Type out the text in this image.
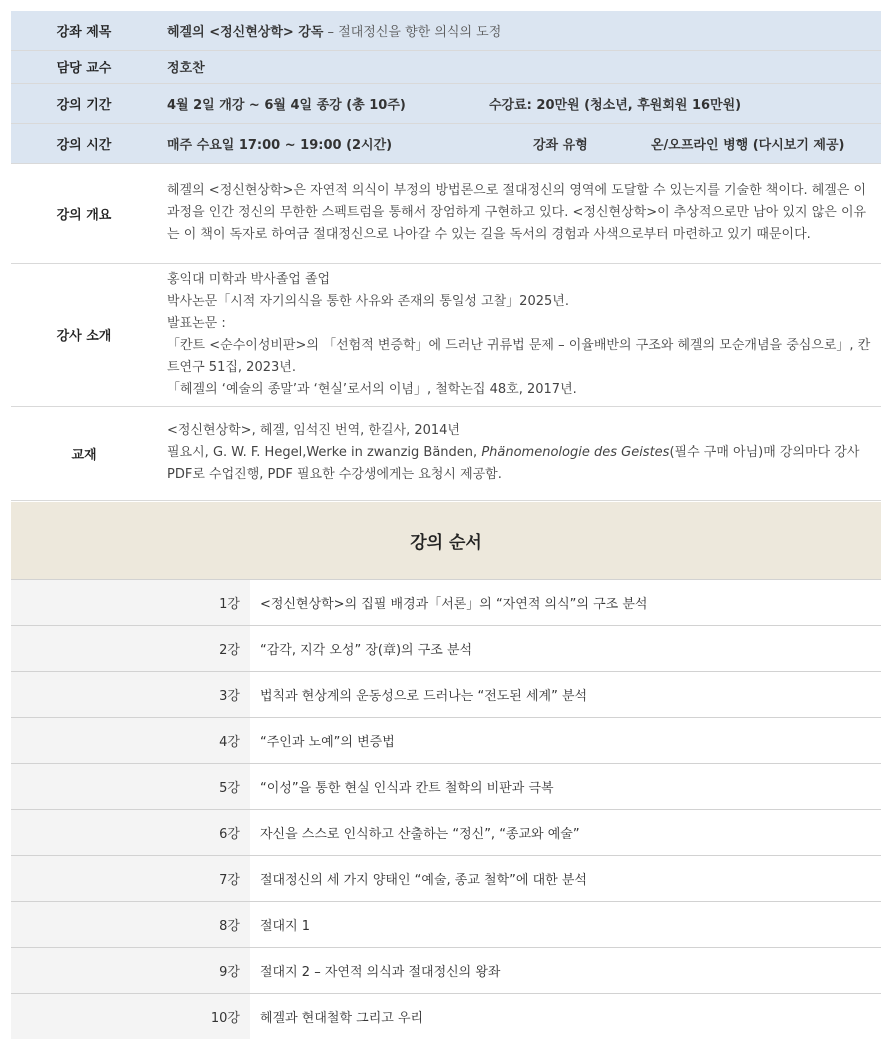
강좌 제목	헤겔의 <정신현상학> 강독 – 절대정신을 향한 의식의 도정
담당 교수	정호찬
강의 기간	4월 2일 개강 ~ 6월 4일 종강 (총 10주) 수강료: 20만원 (청소년, 후원회원 16만원)

강의 시간	매주 수요일 17:00 ~ 19:00 (2시간) 강좌 유형 온/오프라인 병행 (다시보기 제공)

강의 개요	헤겔의 <정신현상학>은 자연적 의식이 부정의 방법론으로 절대정신의 영역에 도달할 수 있는지를 기술한 책이다. 헤겔은 이 과정을 인간 정신의 무한한 스펙트럼을 통해서 장엄하게 구현하고 있다. <정신현상학>이 추상적으로만 남아 있지 않은 이유는 이 책이 독자로 하여금 절대정신으로 나아갈 수 있는 길을 독서의 경험과 사색으로부터 마련하고 있기 때문이다.
강사 소개	홍익대 미학과 박사졸업 졸업
박사논문「시적 자기의식을 통한 사유와 존재의 통일성 고찰」2025년.
발표논문 :
「칸트 <순수이성비판>의 「선험적 변증학」에 드러난 귀류법 문제 – 이율배반의 구조와 헤겔의 모순개념을 중심으로」, 칸트연구 51집, 2023년.
「헤겔의 ‘예술의 종말’과 ‘현실’로서의 이념」, 철학논집 48호, 2017년.

교재	<정신현상학>, 헤겔, 임석진 번역, 한길사, 2014년
필요시, G. W. F. Hegel,Werke in zwanzig Bänden, Phänomenologie des Geistes(필수 구매 아님)매 강의마다 강사 PDF로 수업진행, PDF 필요한 수강생에게는 요청시 제공함.
강의 순서
1강	<정신현상학>의 집필 배경과「서론」의 “자연적 의식”의 구조 분석
2강	“감각, 지각 오성” 장(章)의 구조 분석
3강	법칙과 현상계의 운동성으로 드러나는 “전도된 세계” 분석
4강	“주인과 노예”의 변증법
5강	“이성”을 통한 현실 인식과 칸트 철학의 비판과 극복
6강	자신을 스스로 인식하고 산출하는 “정신”, “종교와 예술”
7강	절대정신의 세 가지 양태인 “예술, 종교 철학”에 대한 분석
8강	절대지 1
9강	절대지 2 – 자연적 의식과 절대정신의 왕좌
10강	헤겔과 현대철학 그리고 우리
